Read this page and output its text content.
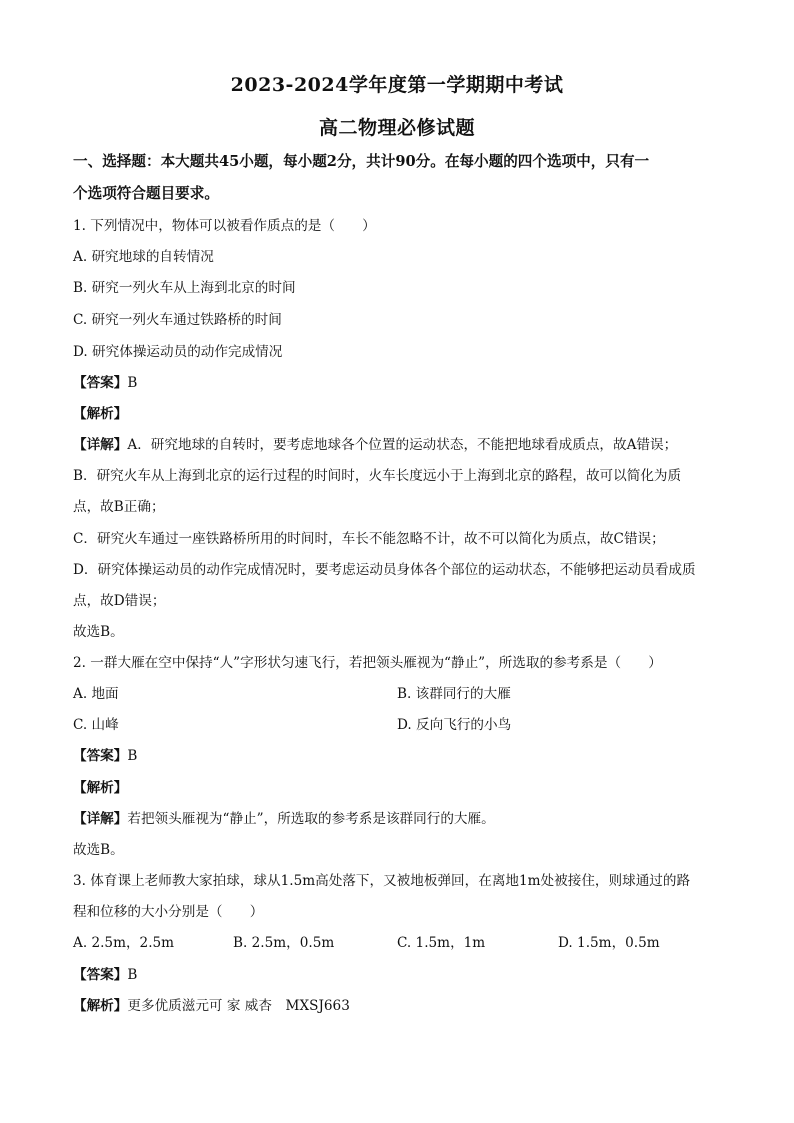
2023-2024学年度第一学期期中考试
高二物理必修试题
一、选择题：本大题共45小题，每小题2分，共计90分。在每小题的四个选项中，只有一
个选项符合题目要求。
1. 下列情况中，物体可以被看作质点的是（　　）
A. 研究地球的自转情况
B. 研究一列火车从上海到北京的时间
C. 研究一列火车通过铁路桥的时间
D. 研究体操运动员的动作完成情况
【答案】B
【解析】
【详解】A．研究地球的自转时，要考虑地球各个位置的运动状态，不能把地球看成质点，故A错误；
B．研究火车从上海到北京的运行过程的时间时，火车长度远小于上海到北京的路程，故可以简化为质
点，故B正确；
C．研究火车通过一座铁路桥所用的时间时，车长不能忽略不计，故不可以简化为质点，故C错误；
D．研究体操运动员的动作完成情况时，要考虑运动员身体各个部位的运动状态，不能够把运动员看成质
点，故D错误；
故选B。
2. 一群大雁在空中保持“人”字形状匀速飞行，若把领头雁视为“静止”，所选取的参考系是（　　）
A. 地面	B. 该群同行的大雁
C. 山峰	D. 反向飞行的小鸟
【答案】B
【解析】
【详解】若把领头雁视为“静止”，所选取的参考系是该群同行的大雁。
故选B。
3. 体育课上老师教大家拍球，球从1.5m高处落下，又被地板弹回，在离地1m处被接住，则球通过的路
程和位移的大小分别是（　　）
A. 2.5m，2.5m	B. 2.5m，0.5m	C. 1.5m，1m	D. 1.5m，0.5m
【答案】B
【解析】更多优质滋元可 家 威杏　MXSJ663
